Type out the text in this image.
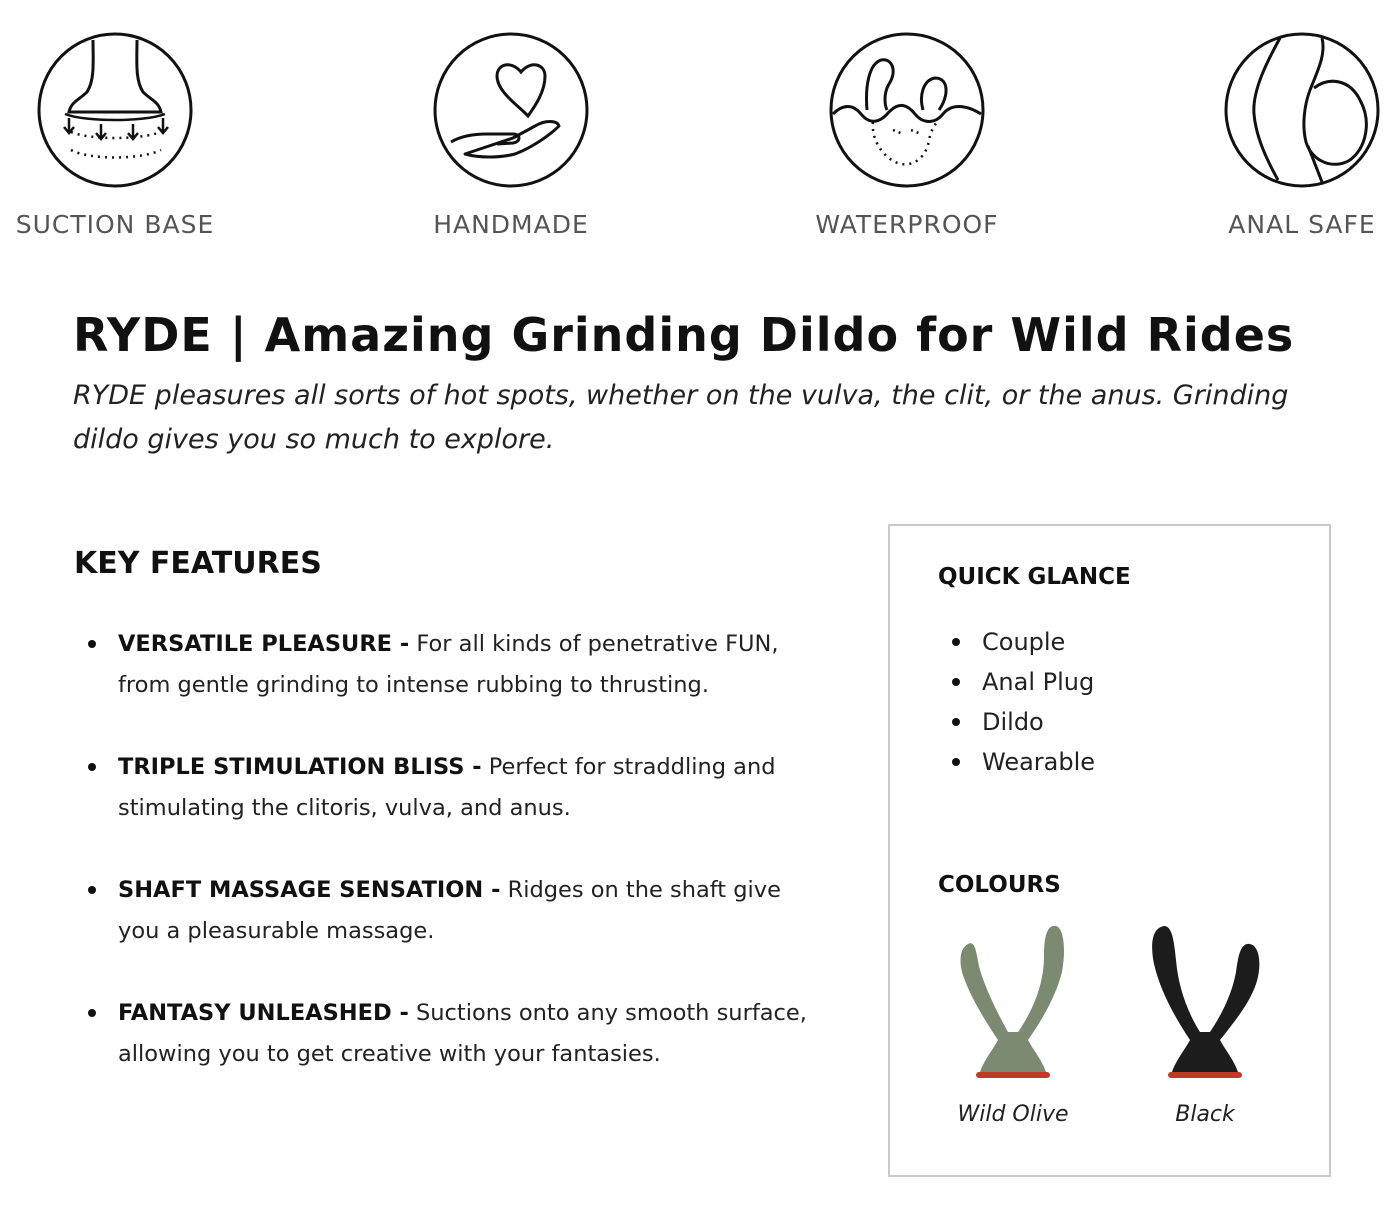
SUCTION BASE	HANDMADE	WATERPROOF	ANAL SAFE
RYDE | Amazing Grinding Dildo for Wild Rides

RYDE pleasures all sorts of hot spots, whether on the vulva, the clit, or the anus. Grinding dildo gives you so much to explore.

KEY FEATURES
VERSATILE PLEASURE - For all kinds of penetrative FUN, from gentle grinding to intense rubbing to thrusting.
TRIPLE STIMULATION BLISS - Perfect for straddling and stimulating the clitoris, vulva, and anus.
SHAFT MASSAGE SENSATION - Ridges on the shaft give you a pleasurable massage.
FANTASY UNLEASHED - Suctions onto any smooth surface, allowing you to get creative with your fantasies.
QUICK GLANCE
Couple
Anal Plug
Dildo
Wearable
COLOURS
Wild Olive	Black
